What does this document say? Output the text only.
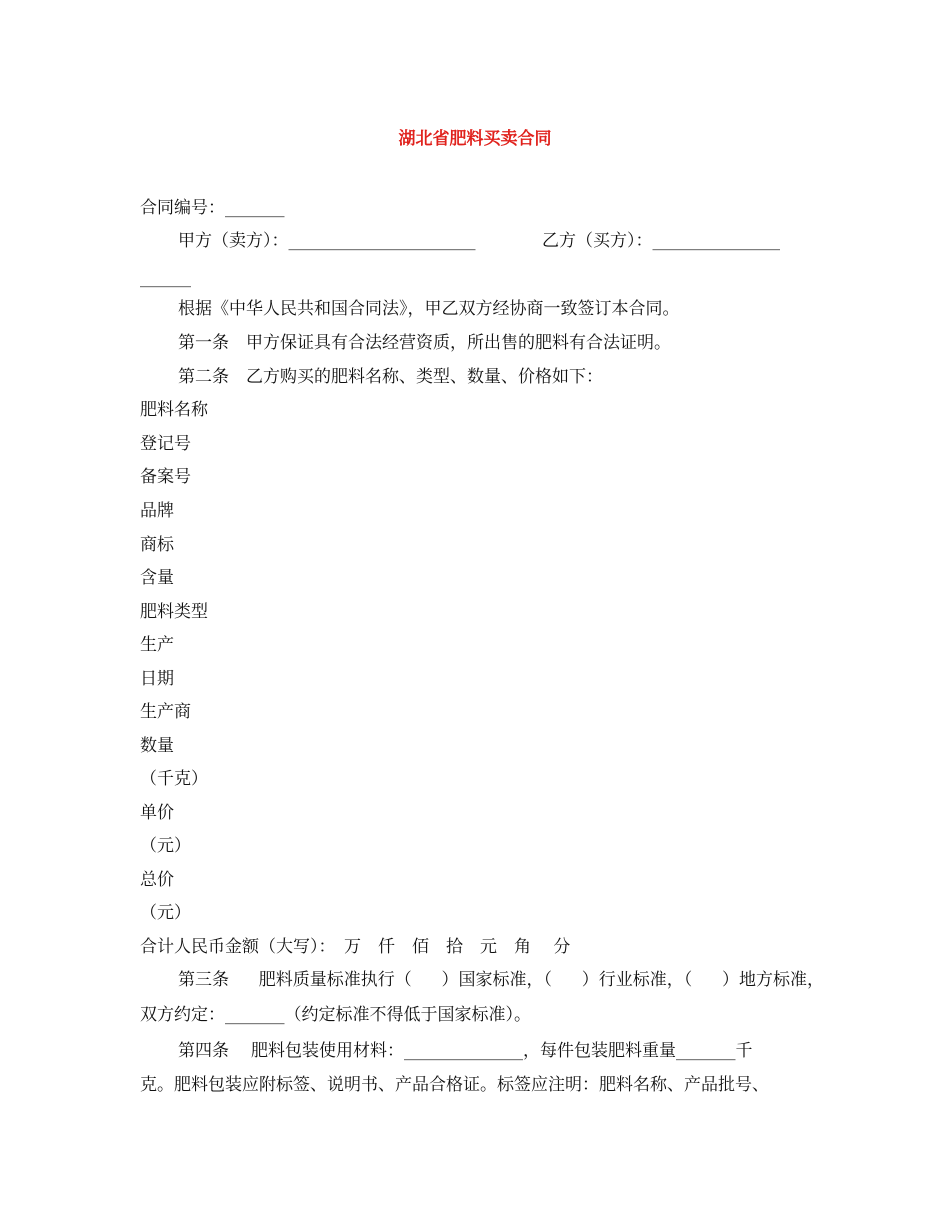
湖北省肥料买卖合同
合同编号：_______
甲方（卖方）：______________________	乙方（买方）：_______________
______
根据《中华人民共和国合同法》，甲乙双方经协商一致签订本合同。
第一条　甲方保证具有合法经营资质，所出售的肥料有合法证明。
第二条　乙方购买的肥料名称、类型、数量、价格如下：
肥料名称
登记号
备案号
品牌
商标
含量
肥料类型
生产
日期
生产商
数量
（千克）
单价
（元）
总价
（元）
合计人民币金额（大写）：　万　仟　佰　拾　元　角　 分
第三条 肥料质量标准执行（ ）国家标准，（ ）行业标准，（ ）地方标准，
双方约定：_______（约定标准不得低于国家标准）。
第四条 肥料包装使用材料：______________，每件包装肥料重量_______千
克。肥料包装应附标签、说明书、产品合格证。标签应注明：肥料名称、产品批号、
